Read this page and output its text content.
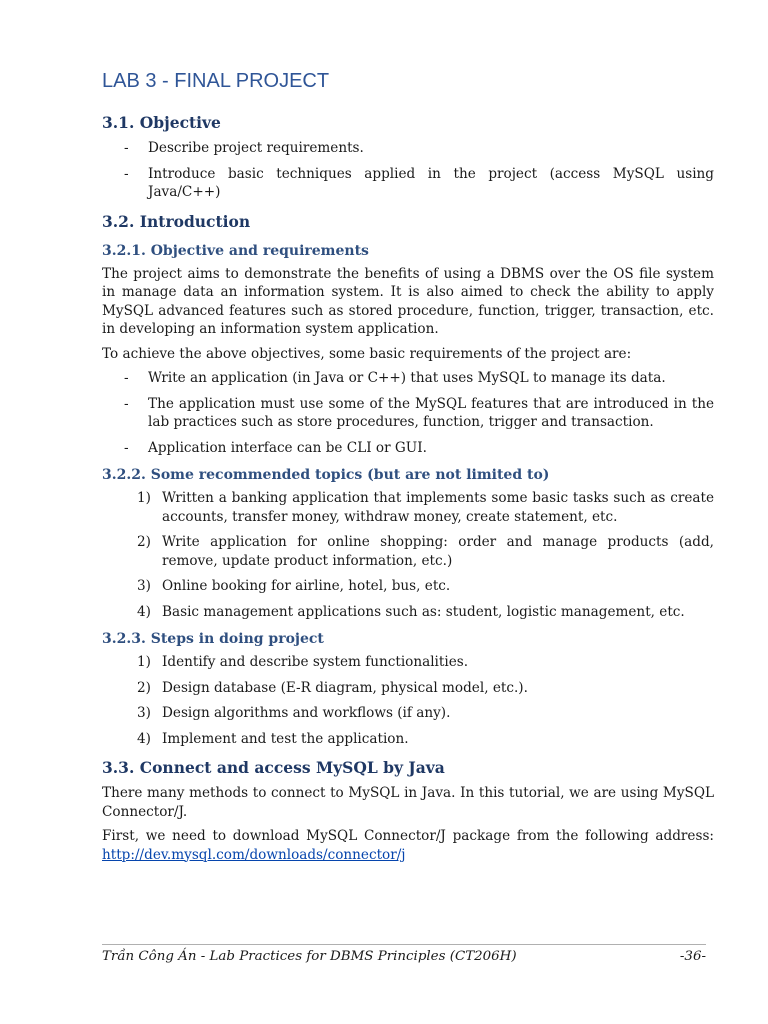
LAB 3 - FINAL PROJECT
3.1. Objective
- Describe project requirements.
- Introduce basic techniques applied in the project (access MySQL using Java/C++)
3.2. Introduction
3.2.1. Objective and requirements

The project aims to demonstrate the benefits of using a DBMS over the OS file system in manage data an information system. It is also aimed to check the ability to apply MySQL advanced features such as stored procedure, function, trigger, transaction, etc. in developing an information system application.

To achieve the above objectives, some basic requirements of the project are:

- Write an application (in Java or C++) that uses MySQL to manage its data.
- The application must use some of the MySQL features that are introduced in the lab practices such as store procedures, function, trigger and transaction.
- Application interface can be CLI or GUI.
3.2.2. Some recommended topics (but are not limited to)
1) Written a banking application that implements some basic tasks such as create accounts, transfer money, withdraw money, create statement, etc.
2) Write application for online shopping: order and manage products (add, remove, update product information, etc.)
3) Online booking for airline, hotel, bus, etc.
4) Basic management applications such as: student, logistic management, etc.
3.2.3. Steps in doing project
1) Identify and describe system functionalities.
2) Design database (E-R diagram, physical model, etc.).
3) Design algorithms and workflows (if any).
4) Implement and test the application.
3.3. Connect and access MySQL by Java

There many methods to connect to MySQL in Java. In this tutorial, we are using MySQL Connector/J.

First, we need to download MySQL Connector/J package from the following address: http://dev.mysql.com/downloads/connector/j

Trần Công Án - Lab Practices for DBMS Principles (CT206H)	-36-
